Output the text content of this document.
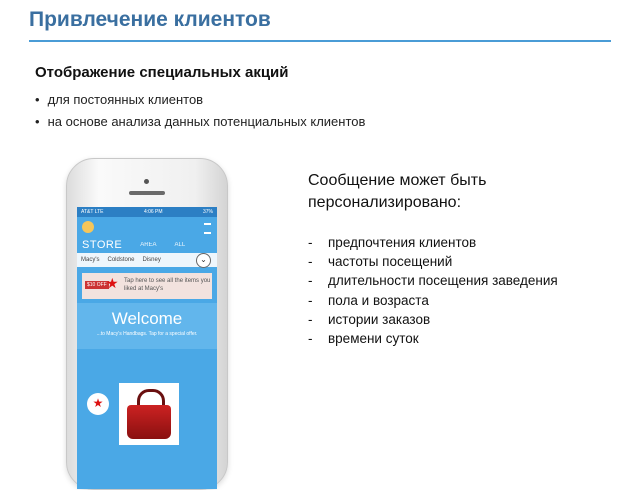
Привлечение клиентов
Отображение специальных акций
• для постоянных клиентов
• на основе анализа данных потенциальных клиентов
Сообщение может быть персонализировано:
- предпочтения клиентов
- частоты посещений
- длительности посещения заведения
- пола и возраста
- истории заказов
- времени суток
AT&T LTE	4:06 PM	37%
STORE	AREA	ALL
Macy's Coldstone Disney	⌄
$10 OFF ★ Tap here to see all the items you liked at Macy's
Welcome
...to Macy's Handbags. Tap for a special offer.
★
